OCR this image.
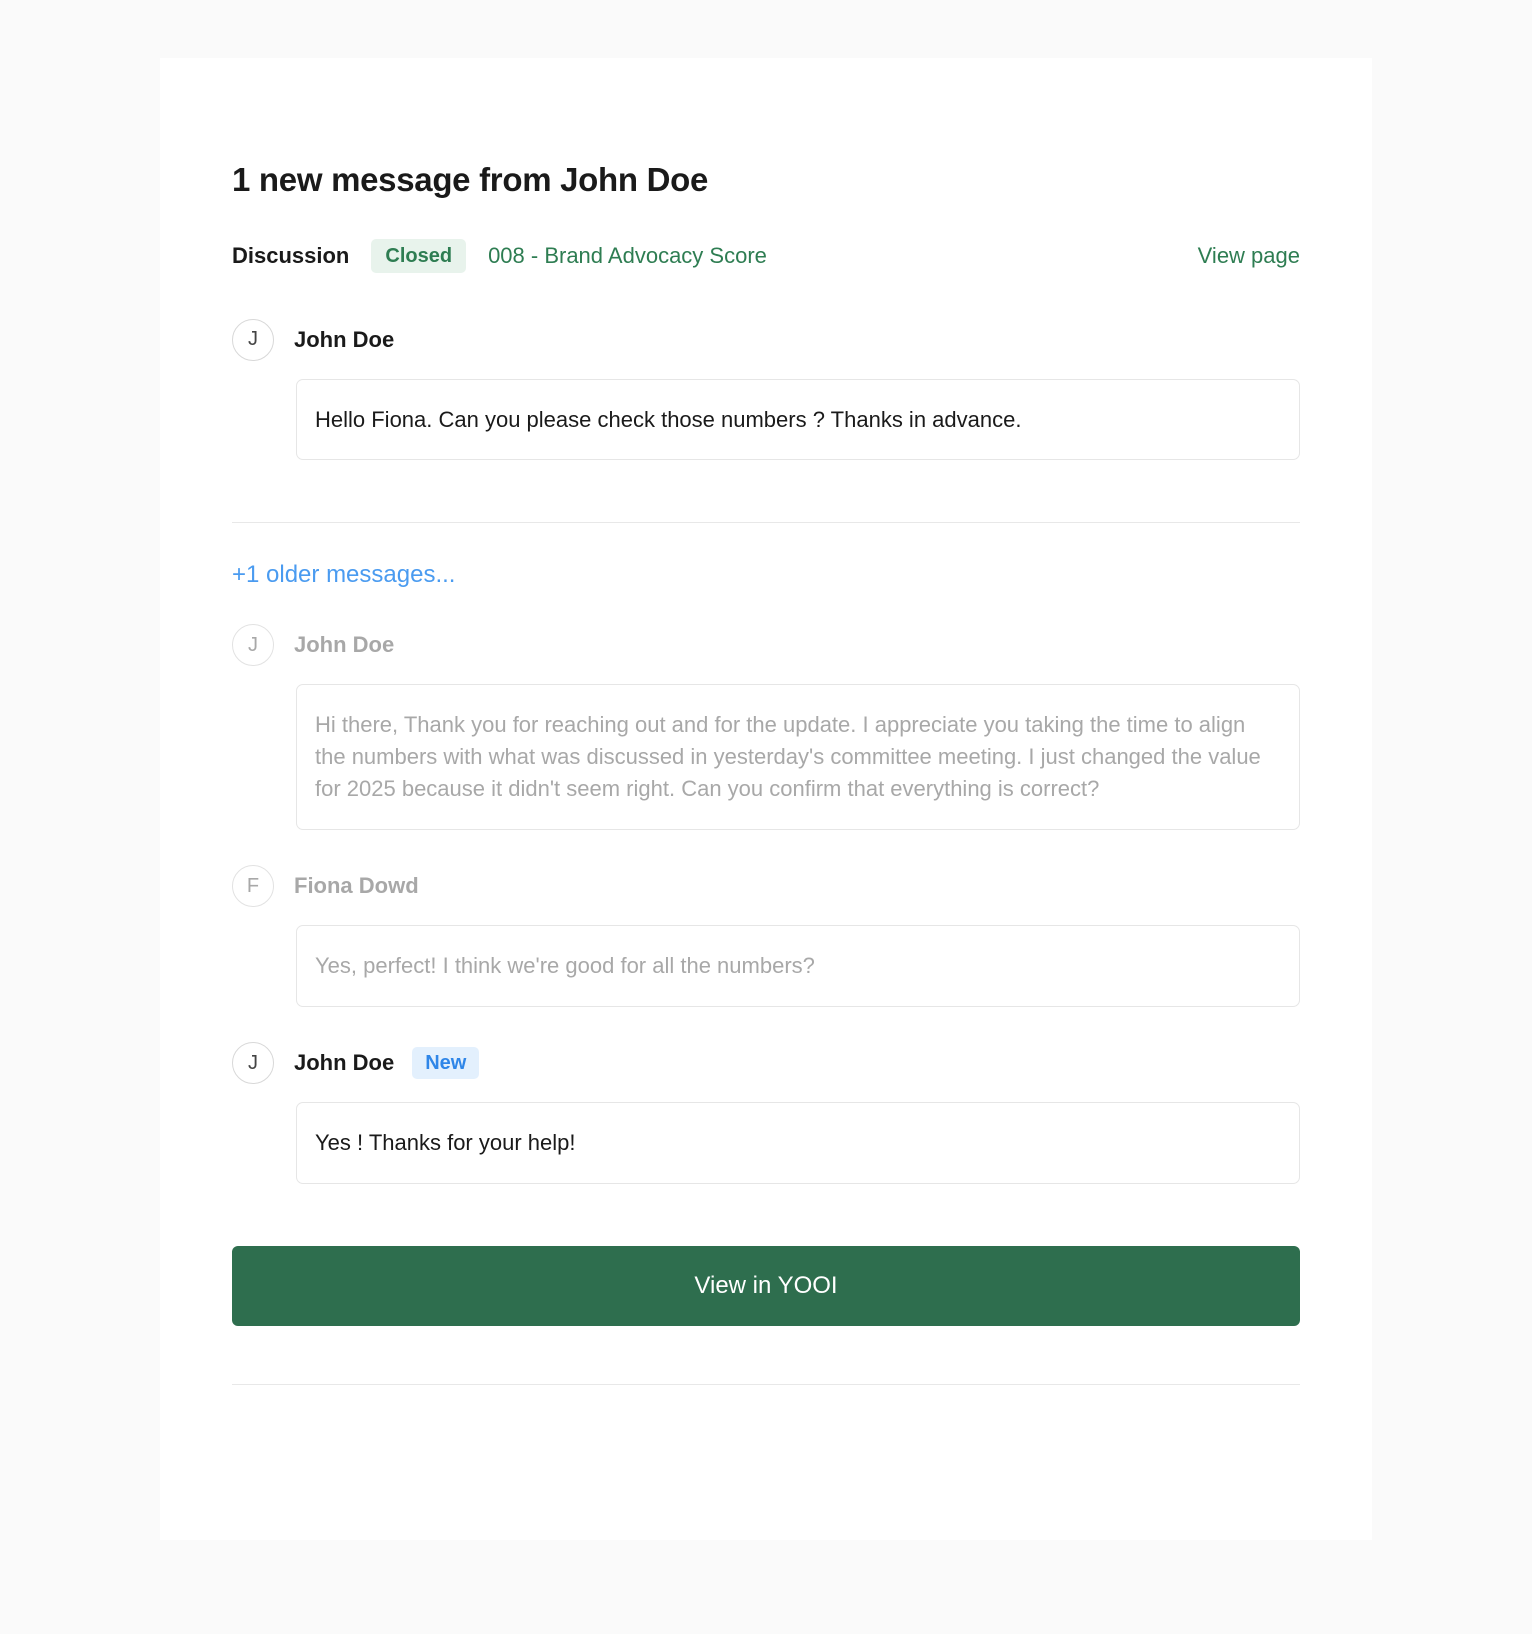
1 new message from John Doe
Discussion	Closed	008 - Brand Advocacy Score	View page
J	John Doe
Hello Fiona. Can you please check those numbers ? Thanks in advance.
+1 older messages...
J	John Doe
Hi there, Thank you for reaching out and for the update. I appreciate you taking the time to align the numbers with what was discussed in yesterday's committee meeting. I just changed the value for 2025 because it didn't seem right. Can you confirm that everything is correct?
F	Fiona Dowd
Yes, perfect! I think we're good for all the numbers?
J	John Doe	New
Yes ! Thanks for your help!
View in YOOI
